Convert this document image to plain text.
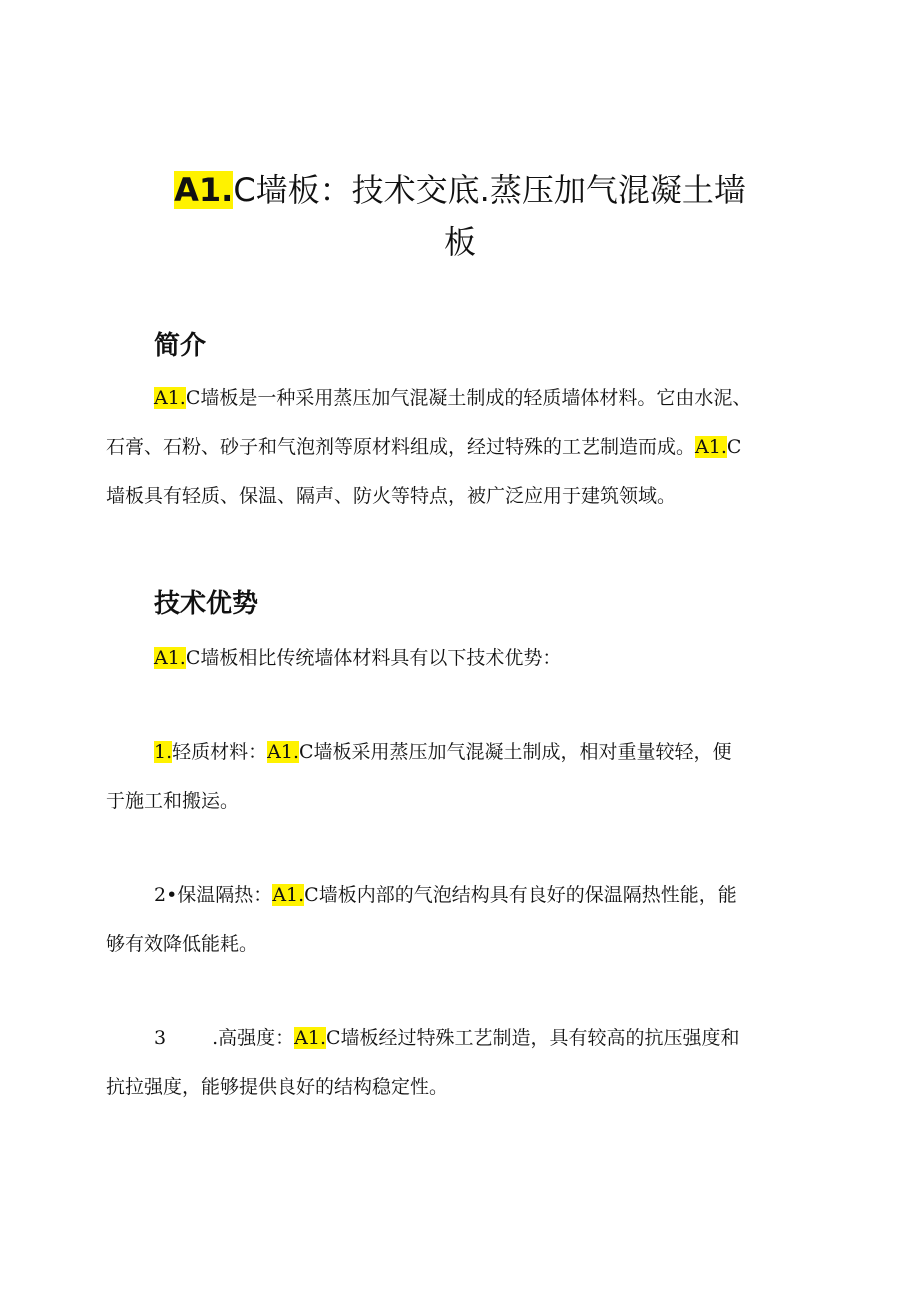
A1.C墙板：技术交底.蒸压加气混凝土墙
板
简介
A1.C墙板是一种采用蒸压加气混凝土制成的轻质墙体材料。它由水泥、
石膏、石粉、砂子和气泡剂等原材料组成，经过特殊的工艺制造而成。A1.C
墙板具有轻质、保温、隔声、防火等特点，被广泛应用于建筑领域。
技术优势
A1.C墙板相比传统墙体材料具有以下技术优势：
1.轻质材料：A1.C墙板采用蒸压加气混凝土制成，相对重量较轻，便
于施工和搬运。
2•保温隔热：A1.C墙板内部的气泡结构具有良好的保温隔热性能，能
够有效降低能耗。
3 .高强度：A1.C墙板经过特殊工艺制造，具有较高的抗压强度和
抗拉强度，能够提供良好的结构稳定性。
